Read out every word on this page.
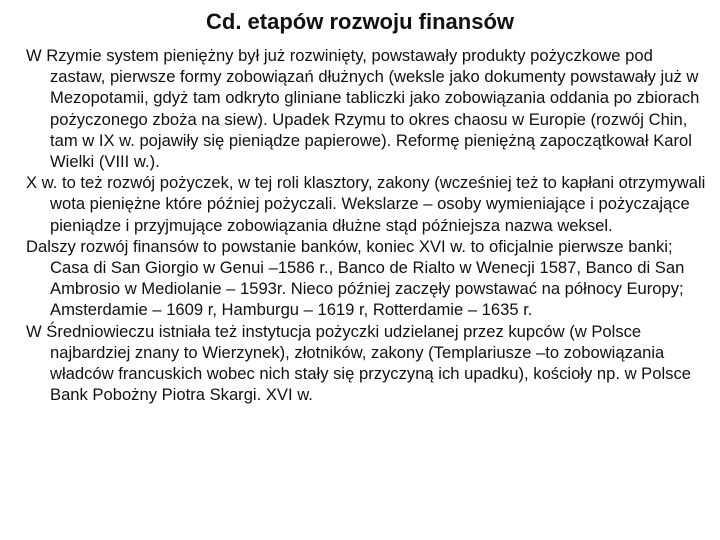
Cd. etapów rozwoju finansów

W Rzymie system pieniężny był już rozwinięty, powstawały produkty pożyczkowe pod zastaw, pierwsze formy zobowiązań dłużnych (weksle jako dokumenty powstawały już w Mezopotamii, gdyż tam odkryto gliniane tabliczki jako zobowiązania oddania po zbiorach pożyczonego zboża na siew). Upadek Rzymu to okres chaosu w Europie (rozwój Chin, tam w IX w. pojawiły się pieniądze papierowe). Reformę pieniężną zapoczątkował Karol Wielki (VIII w.).

X w. to też rozwój pożyczek, w tej roli klasztory, zakony (wcześniej też to kapłani otrzymywali wota pieniężne które później pożyczali. Wekslarze – osoby wymieniające i pożyczające pieniądze i przyjmujące zobowiązania dłużne stąd późniejsza nazwa weksel.

Dalszy rozwój finansów to powstanie banków, koniec XVI w. to oficjalnie pierwsze banki; Casa di San Giorgio w Genui –1586 r., Banco de Rialto w Wenecji 1587, Banco di San Ambrosio w Mediolanie – 1593r. Nieco później zaczęły powstawać na północy Europy; Amsterdamie – 1609 r, Hamburgu – 1619 r, Rotterdamie – 1635 r.

W Średniowieczu istniała też instytucja pożyczki udzielanej przez kupców (w Polsce najbardziej znany to Wierzynek), złotników, zakony (Templariusze –to zobowiązania władców francuskich wobec nich stały się przyczyną ich upadku), kościoły np. w Polsce Bank Pobożny Piotra Skargi. XVI w.
